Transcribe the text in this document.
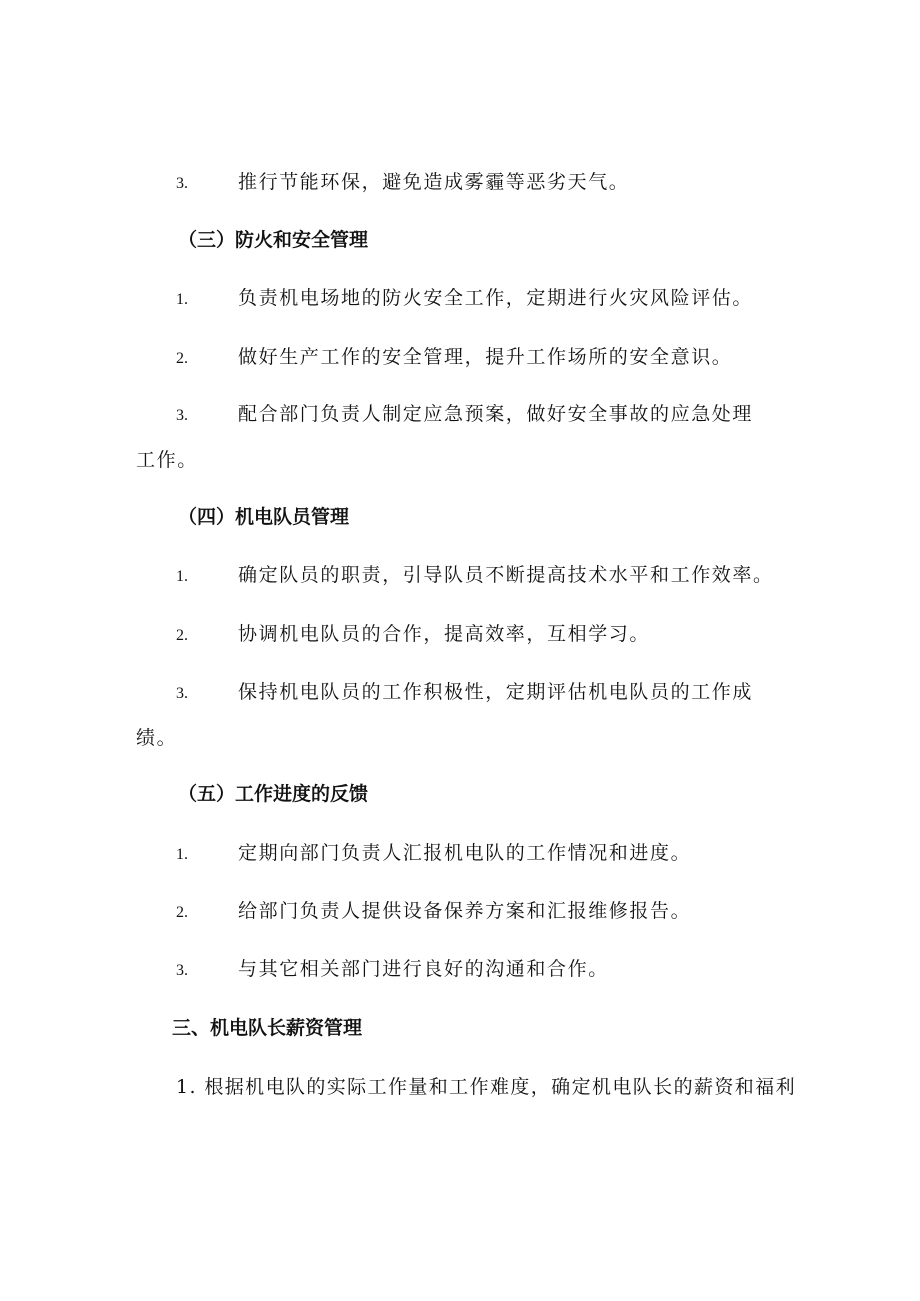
3.	推行节能环保，避免造成雾霾等恶劣天气。
（三）防火和安全管理
1.	负责机电场地的防火安全工作，定期进行火灾风险评估。
2.	做好生产工作的安全管理，提升工作场所的安全意识。
3.	配合部门负责人制定应急预案，做好安全事故的应急处理
工作。
（四）机电队员管理
1.	确定队员的职责，引导队员不断提高技术水平和工作效率。
2.	协调机电队员的合作，提高效率，互相学习。
3.	保持机电队员的工作积极性，定期评估机电队员的工作成
绩。
（五）工作进度的反馈
1.	定期向部门负责人汇报机电队的工作情况和进度。
2.	给部门负责人提供设备保养方案和汇报维修报告。
3.	与其它相关部门进行良好的沟通和合作。
三、机电队长薪资管理
1. 根据机电队的实际工作量和工作难度，确定机电队长的薪资和福利
